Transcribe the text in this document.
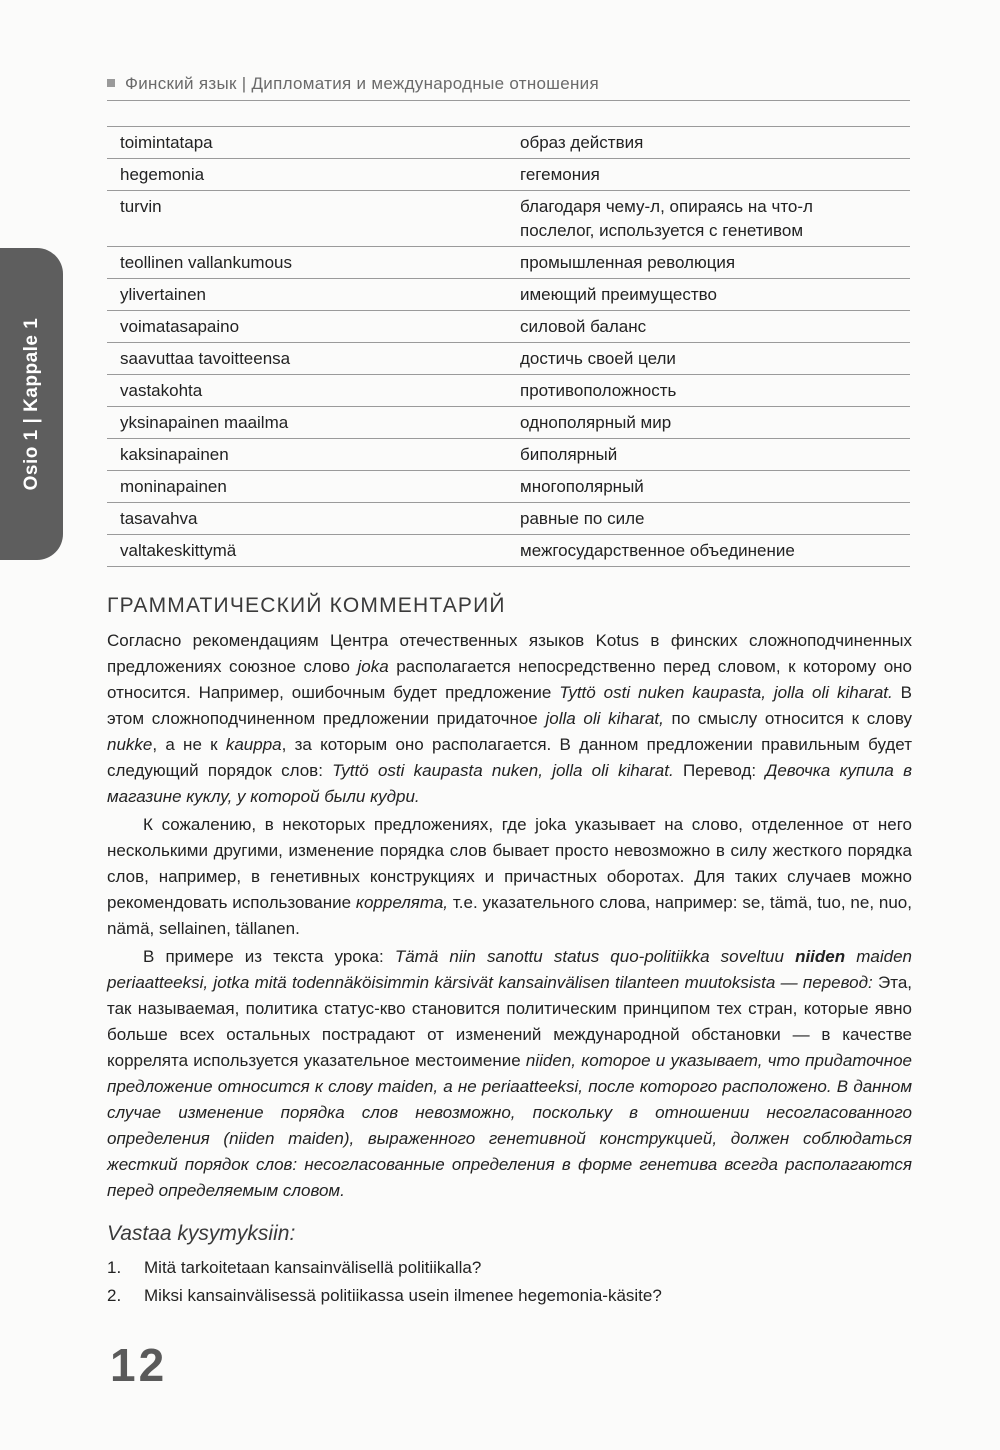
Финский язык | Дипломатия и международные отношения
Osio 1 | Kappale 1
toimintatapa	образ действия
hegemonia	гегемония
turvin	благодаря чему-л, опираясь на что-л
послелог, используется с генетивом

teollinen vallankumous	промышленная революция
ylivertainen	имеющий преимущество
voimatasapaino	силовой баланс
saavuttaa tavoitteensa	достичь своей цели
vastakohta	противоположность
yksinapainen maailma	однополярный мир
kaksinapainen	биполярный
moninapainen	многополярный
tasavahva	равные по силе
valtakeskittymä	межгосударственное объединение
ГРАММАТИЧЕСКИЙ КОММЕНТАРИЙ

Согласно рекомендациям Центра отечественных языков Kotus в финских сложноподчиненных предложениях союзное слово joka располагается непосредственно перед словом, к которому оно относится. Например, ошибочным будет предложение Tyttö osti nuken kaupasta, jolla oli kiharat. В этом сложноподчиненном предложении придаточное jolla oli kiharat, по смыслу относится к слову nukke, а не к kauppa, за которым оно располагается. В данном предложении правильным будет следующий порядок слов: Tyttö osti kaupasta nuken, jolla oli kiharat. Перевод: Девочка купила в магазине куклу, у которой были кудри.

К сожалению, в некоторых предложениях, где joka указывает на слово, отделенное от него несколькими другими, изменение порядка слов бывает просто невозможно в силу жесткого порядка слов, например, в генетивных конструкциях и причастных оборотах. Для таких случаев можно рекомендовать использование коррелята, т.е. указательного слова, например: se, tämä, tuo, ne, nuo, nämä, sellainen, tällanen.

В примере из текста урока: Tämä niin sanottu status quo-politiikka soveltuu niiden maiden periaatteeksi, jotka mitä todennäköisimmin kärsivät kansainvälisen tilanteen muutoksista — перевод: Эта, так называемая, политика статус-кво становится политическим принципом тех стран, которые явно больше всех остальных пострадают от изменений международной обстановки — в качестве коррелята используется указательное местоимение niiden, которое и указывает, что придаточное предложение относится к слову maiden, а не periaatteeksi, после которого расположено. В данном случае изменение порядка слов невозможно, поскольку в отношении несогласованного определения (niiden maiden), выраженного генетивной конструкцией, должен соблюдаться жесткий порядок слов: несогласованные определения в форме генетива всегда располагаются перед определяемым словом.

Vastaa kysymyksiin:
1. Mitä tarkoitetaan kansainvälisellä politiikalla?
2. Miksi kansainvälisessä politiikassa usein ilmenee hegemonia-käsite?
12
